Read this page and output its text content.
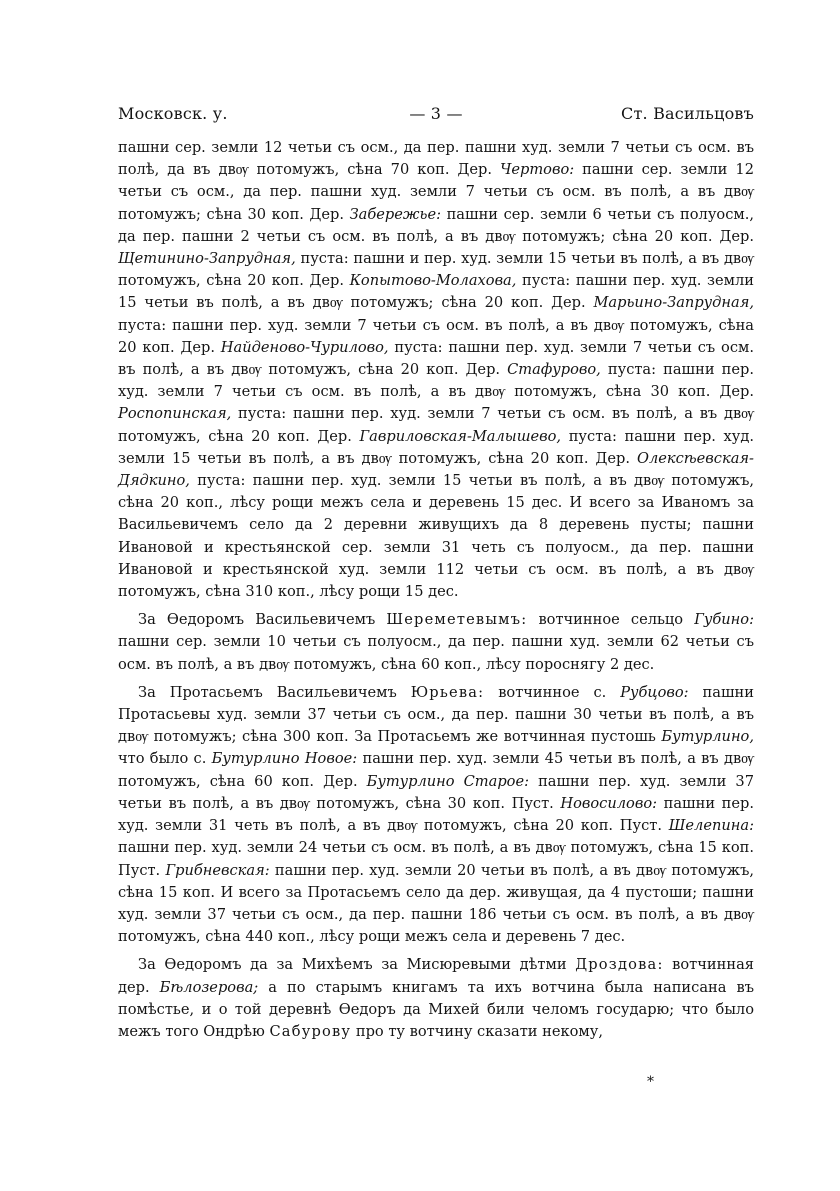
Московск. у.	— 3 —	Ст. Васильцовъ

пашни сер. земли 12 четьи съ осм., да пер. пашни худ. земли 7 четьи съ осм. въ полѣ, да въ двѹ потомужъ, сѣна 70 коп. Дер. Чертово: пашни сер. земли 12 четьи съ осм., да пер. пашни худ. земли 7 четьи съ осм. въ полѣ, а въ двѹ потомужъ; сѣна 30 коп. Дер. Забережье: пашни сер. земли 6 четьи съ полуосм., да пер. пашни 2 четьи съ осм. въ полѣ, а въ двѹ потомужъ; сѣна 20 коп. Дер. Щетинино-Запрудная, пуста: пашни и пер. худ. земли 15 четьи въ полѣ, а въ двѹ потомужъ, сѣна 20 коп. Дер. Копытово-Молахова, пуста: пашни пер. худ. земли 15 четьи въ полѣ, а въ двѹ потомужъ; сѣна 20 коп. Дер. Марьино-Запрудная, пуста: пашни пер. худ. земли 7 четьи съ осм. въ полѣ, а въ двѹ потомужъ, сѣна 20 коп. Дер. Найденово-Чурилово, пуста: пашни пер. худ. земли 7 четьи съ осм. въ полѣ, а въ двѹ потомужъ, сѣна 20 коп. Дер. Стафурово, пуста: пашни пер. худ. земли 7 четьи съ осм. въ полѣ, а въ двѹ потомужъ, сѣна 30 коп. Дер. Роспопинская, пуста: пашни пер. худ. земли 7 четьи съ осм. въ полѣ, а въ двѹ потомужъ, сѣна 20 коп. Дер. Гавриловская-Малышево, пуста: пашни пер. худ. земли 15 четьи въ полѣ, а въ двѹ потомужъ, сѣна 20 коп. Дер. Олексѣевская-Дядкино, пуста: пашни пер. худ. земли 15 четьи въ полѣ, а въ двѹ потомужъ, сѣна 20 коп., лѣсу рощи межъ села и деревень 15 дес. И всего за Иваномъ за Васильевичемъ село да 2 деревни живущихъ да 8 деревень пусты; пашни Ивановой и крестьянской сер. земли 31 четь съ полуосм., да пер. пашни Ивановой и крестьянской худ. земли 112 четьи съ осм. въ полѣ, а въ двѹ потомужъ, сѣна 310 коп., лѣсу рощи 15 дес.

За Ѳедоромъ Васильевичемъ Шереметевымъ: вотчинное сельцо Губино: пашни сер. земли 10 четьи съ полуосм., да пер. пашни худ. земли 62 четьи съ осм. въ полѣ, а въ двѹ потомужъ, сѣна 60 коп., лѣсу пороснягу 2 дес.

За Протасьемъ Васильевичемъ Юрьева: вотчинное с. Рубцово: пашни Протасьевы худ. земли 37 четьи съ осм., да пер. пашни 30 четьи въ полѣ, а въ двѹ потомужъ; сѣна 300 коп. За Протасьемъ же вотчинная пустошь Бутурлино, что было с. Бутурлино Новое: пашни пер. худ. земли 45 четьи въ полѣ, а въ двѹ потомужъ, сѣна 60 коп. Дер. Бутурлино Старое: пашни пер. худ. земли 37 четьи въ полѣ, а въ двѹ потомужъ, сѣна 30 коп. Пуст. Новосилово: пашни пер. худ. земли 31 четь въ полѣ, а въ двѹ потомужъ, сѣна 20 коп. Пуст. Шелепина: пашни пер. худ. земли 24 четьи съ осм. въ полѣ, а въ двѹ потомужъ, сѣна 15 коп. Пуст. Грибневская: пашни пер. худ. земли 20 четьи въ полѣ, а въ двѹ потомужъ, сѣна 15 коп. И всего за Протасьемъ село да дер. живущая, да 4 пустоши; пашни худ. земли 37 четьи съ осм., да пер. пашни 186 четьи съ осм. въ полѣ, а въ двѹ потомужъ, сѣна 440 коп., лѣсу рощи межъ села и деревень 7 дес.

За Ѳедоромъ да за Михѣемъ за Мисюревыми дѣтми Дроздова: вотчинная дер. Бѣлозерова; а по старымъ книгамъ та ихъ вотчина была написана въ помѣстье, и о той деревнѣ Ѳедоръ да Михей били челомъ государю; что было межъ того Ондрѣю Сабурову про ту вотчину сказати некому,

*
